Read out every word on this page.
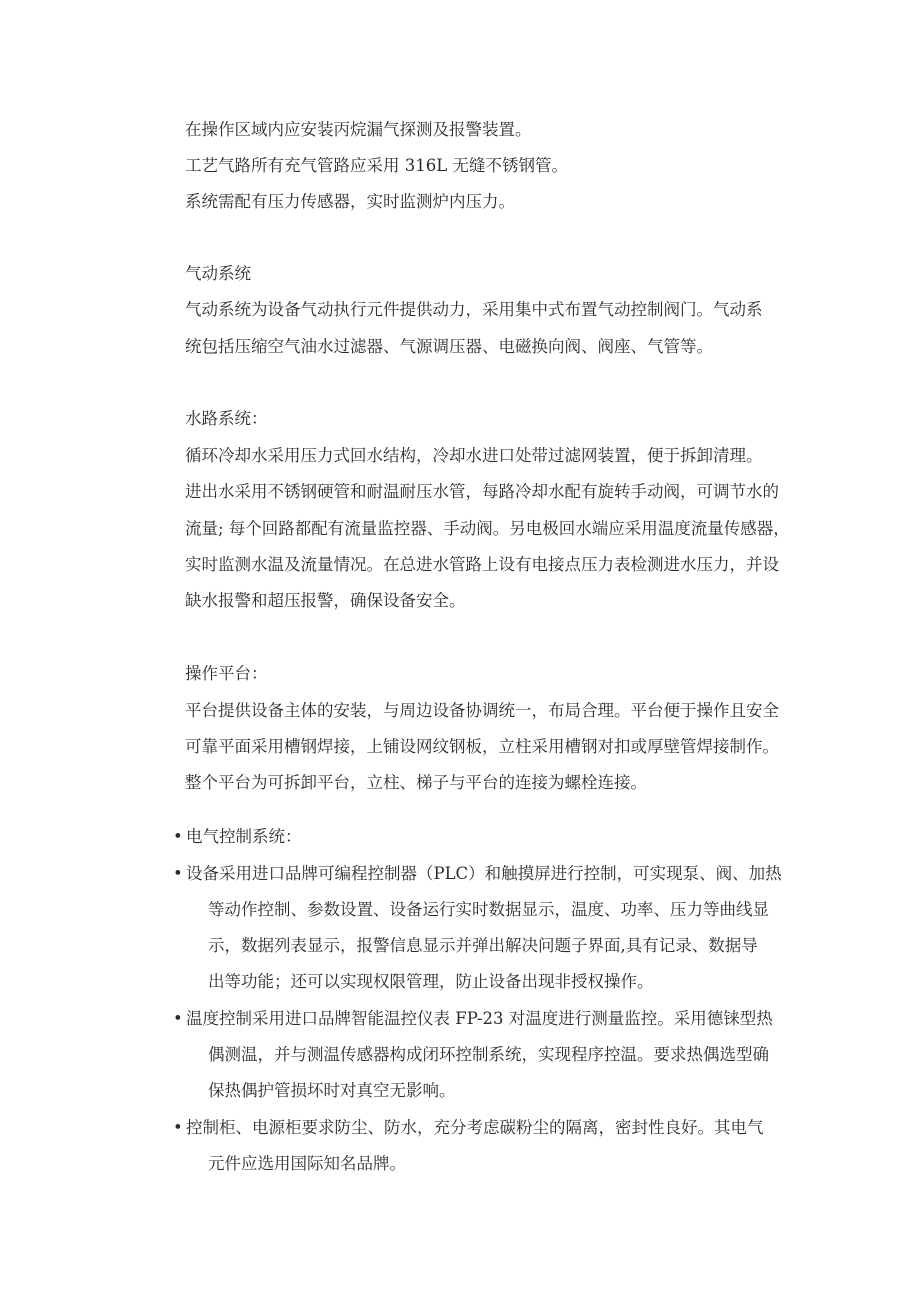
在操作区域内应安装丙烷漏气探测及报警装置。
工艺气路所有充气管路应采用 316L 无缝不锈钢管。
系统需配有压力传感器，实时监测炉内压力。
气动系统
气动系统为设备气动执行元件提供动力，采用集中式布置气动控制阀门。气动系
统包括压缩空气油水过滤器、气源调压器、电磁换向阀、阀座、气管等。
水路系统：
循环冷却水采用压力式回水结构，冷却水进口处带过滤网装置，便于拆卸清理。
进出水采用不锈钢硬管和耐温耐压水管，每路冷却水配有旋转手动阀，可调节水的
流量; 每个回路都配有流量监控器、手动阀。另电极回水端应采用温度流量传感器，
实时监测水温及流量情况。在总进水管路上设有电接点压力表检测进水压力，并设
缺水报警和超压报警，确保设备安全。
操作平台：
平台提供设备主体的安装，与周边设备协调统一，布局合理。平台便于操作且安全
可靠平面采用槽钢焊接，上铺设网纹钢板，立柱采用槽钢对扣或厚壁管焊接制作。
整个平台为可拆卸平台，立柱、梯子与平台的连接为螺栓连接。
• 电气控制系统：
• 设备采用进口品牌可编程控制器（PLC）和触摸屏进行控制，可实现泵、阀、加热
等动作控制、参数设置、设备运行实时数据显示，温度、功率、压力等曲线显
示，数据列表显示，报警信息显示并弹出解决问题子界面,具有记录、数据导
出等功能；还可以实现权限管理，防止设备出现非授权操作。
• 温度控制采用进口品牌智能温控仪表 FP-23 对温度进行测量监控。采用德铼型热
偶测温，并与测温传感器构成闭环控制系统，实现程序控温。要求热偶选型确
保热偶护管损坏时对真空无影响。
• 控制柜、电源柜要求防尘、防水，充分考虑碳粉尘的隔离，密封性良好。其电气
元件应选用国际知名品牌。
